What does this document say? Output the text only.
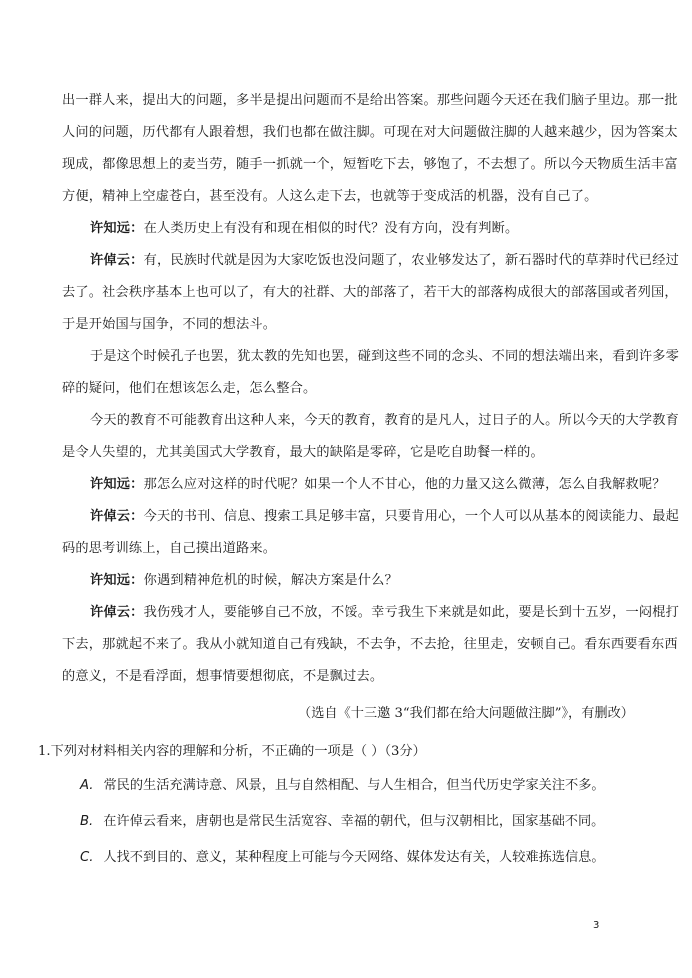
出一群人来，提出大的问题，多半是提出问题而不是给出答案。那些问题今天还在我们脑子里边。那一批
人问的问题，历代都有人跟着想，我们也都在做注脚。可现在对大问题做注脚的人越来越少，因为答案太
现成，都像思想上的麦当劳，随手一抓就一个，短暂吃下去，够饱了，不去想了。所以今天物质生活丰富
方便，精神上空虚苍白，甚至没有。人这么走下去，也就等于变成活的机器，没有自己了。
许知远：在人类历史上有没有和现在相似的时代？没有方向，没有判断。
许倬云：有，民族时代就是因为大家吃饭也没问题了，农业够发达了，新石器时代的草莽时代已经过
去了。社会秩序基本上也可以了，有大的社群、大的部落了，若干大的部落构成很大的部落国或者列国，
于是开始国与国争，不同的想法斗。
于是这个时候孔子也罢，犹太教的先知也罢，碰到这些不同的念头、不同的想法端出来，看到许多零
碎的疑问，他们在想该怎么走，怎么整合。
今天的教育不可能教育出这种人来，今天的教育，教育的是凡人，过日子的人。所以今天的大学教育
是令人失望的，尤其美国式大学教育，最大的缺陷是零碎，它是吃自助餐一样的。
许知远：那怎么应对这样的时代呢？如果一个人不甘心，他的力量又这么微薄，怎么自我解救呢？
许倬云：今天的书刊、信息、搜索工具足够丰富，只要肯用心，一个人可以从基本的阅读能力、最起
码的思考训练上，自己摸出道路来。
许知远：你遇到精神危机的时候，解决方案是什么？
许倬云：我伤残才人，要能够自己不放，不馁。幸亏我生下来就是如此，要是长到十五岁，一闷棍打
下去，那就起不来了。我从小就知道自己有残缺，不去争，不去抢，往里走，安顿自己。看东西要看东西
的意义，不是看浮面，想事情要想彻底，不是飘过去。
（选自《十三邀 3“我们都在给大问题做注脚”》，有删改）
1.下列对材料相关内容的理解和分析，不正确的一项是（ ）（3分）
A. 常民的生活充满诗意、风景，且与自然相配、与人生相合，但当代历史学家关注不多。
B. 在许倬云看来，唐朝也是常民生活宽容、幸福的朝代，但与汉朝相比，国家基础不同。
C. 人找不到目的、意义，某种程度上可能与今天网络、媒体发达有关，人较难拣选信息。
3
